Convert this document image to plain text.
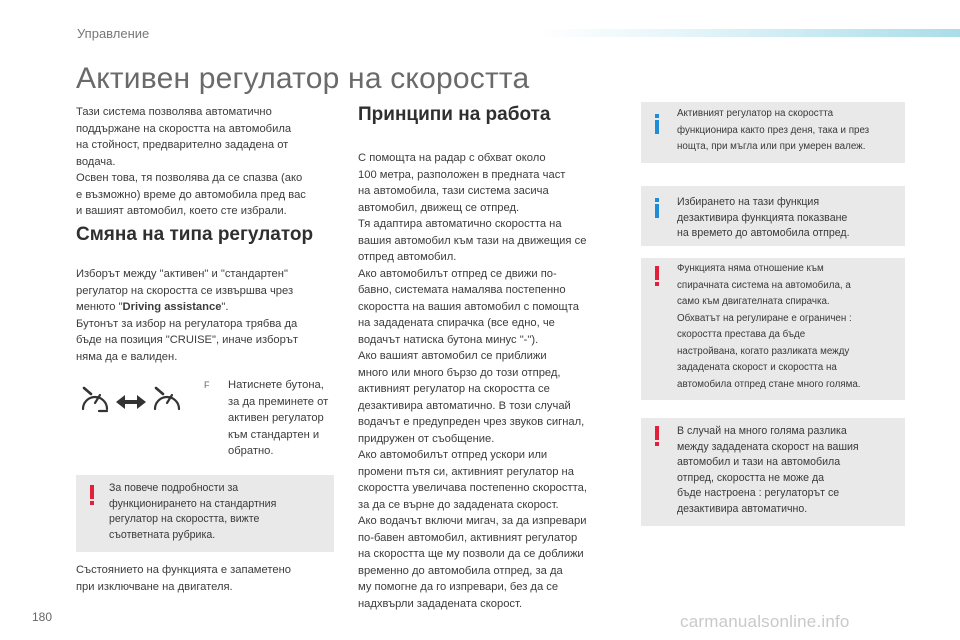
Управление
Активен регулатор на скоростта

Тази система позволява автоматично

поддържане на скоростта на автомобила

на стойност, предварително зададена от

водача.

Освен това, тя позволява да се спазва (ако

е възможно) време до автомобила пред вас

и вашият автомобил, което сте избрали.

Смяна на типа регулатор

Изборът между "активен" и "стандартен"

регулатор на скоростта се извършва чрез

менюто "Driving assistance".

Бутонът за избор на регулатора трябва да

бъде на позиция "CRUISE", иначе изборът

няма да е валиден.

F Натиснете бутона,

за да преминете от

активен регулатор

към стандартен и

обратно.

За повече подробности за

функционирането на стандартния

регулатор на скоростта, вижте

съответната рубрика.

Състоянието на функцията е запаметено

при изключване на двигателя.

Принципи на работа

С помощта на радар с обхват около

100 метра, разположен в предната част

на автомобила, тази система засича

автомобил, движещ се отпред.

Тя адаптира автоматично скоростта на

вашия автомобил към тази на движещия се

отпред автомобил.

Ако автомобилът отпред се движи по-

бавно, системата намалява постепенно

скоростта на вашия автомобил с помощта

на зададената спирачка (все едно, че

водачът натиска бутона минус "-").

Ако вашият автомобил се приближи

много или много бързо до този отпред,

активният регулатор на скоростта се

дезактивира автоматично. В този случай

водачът е предупреден чрез звуков сигнал,

придружен от съобщение.

Ако автомобилът отпред ускори или

промени пътя си, активният регулатор на

скоростта увеличава постепенно скоростта,

за да се върне до зададената скорост.

Ако водачът включи мигач, за да изпревари

по-бавен автомобил, активният регулатор

на скоростта ще му позволи да се доближи

временно до автомобила отпред, за да

му помогне да го изпревари, без да се

надхвърли зададената скорост.

Активният регулатор на скоростта

функционира както през деня, така и през

нощта, при мъгла или при умерен валеж.

Избирането на тази функция

дезактивира функцията показване

на времето до автомобила отпред.

Функцията няма отношение към

спирачната система на автомобила, а

само към двигателната спирачка.

Обхватът на регулиране е ограничен :

скоростта престава да бъде

настройвана, когато разликата между

зададената скорост и скоростта на

автомобила отпред стане много голяма.

В случай на много голяма разлика

между зададената скорост на вашия

автомобил и тази на автомобила

отпред, скоростта не може да

бъде настроена : регулаторът се

дезактивира автоматично.

180	carmanualsonline.info
